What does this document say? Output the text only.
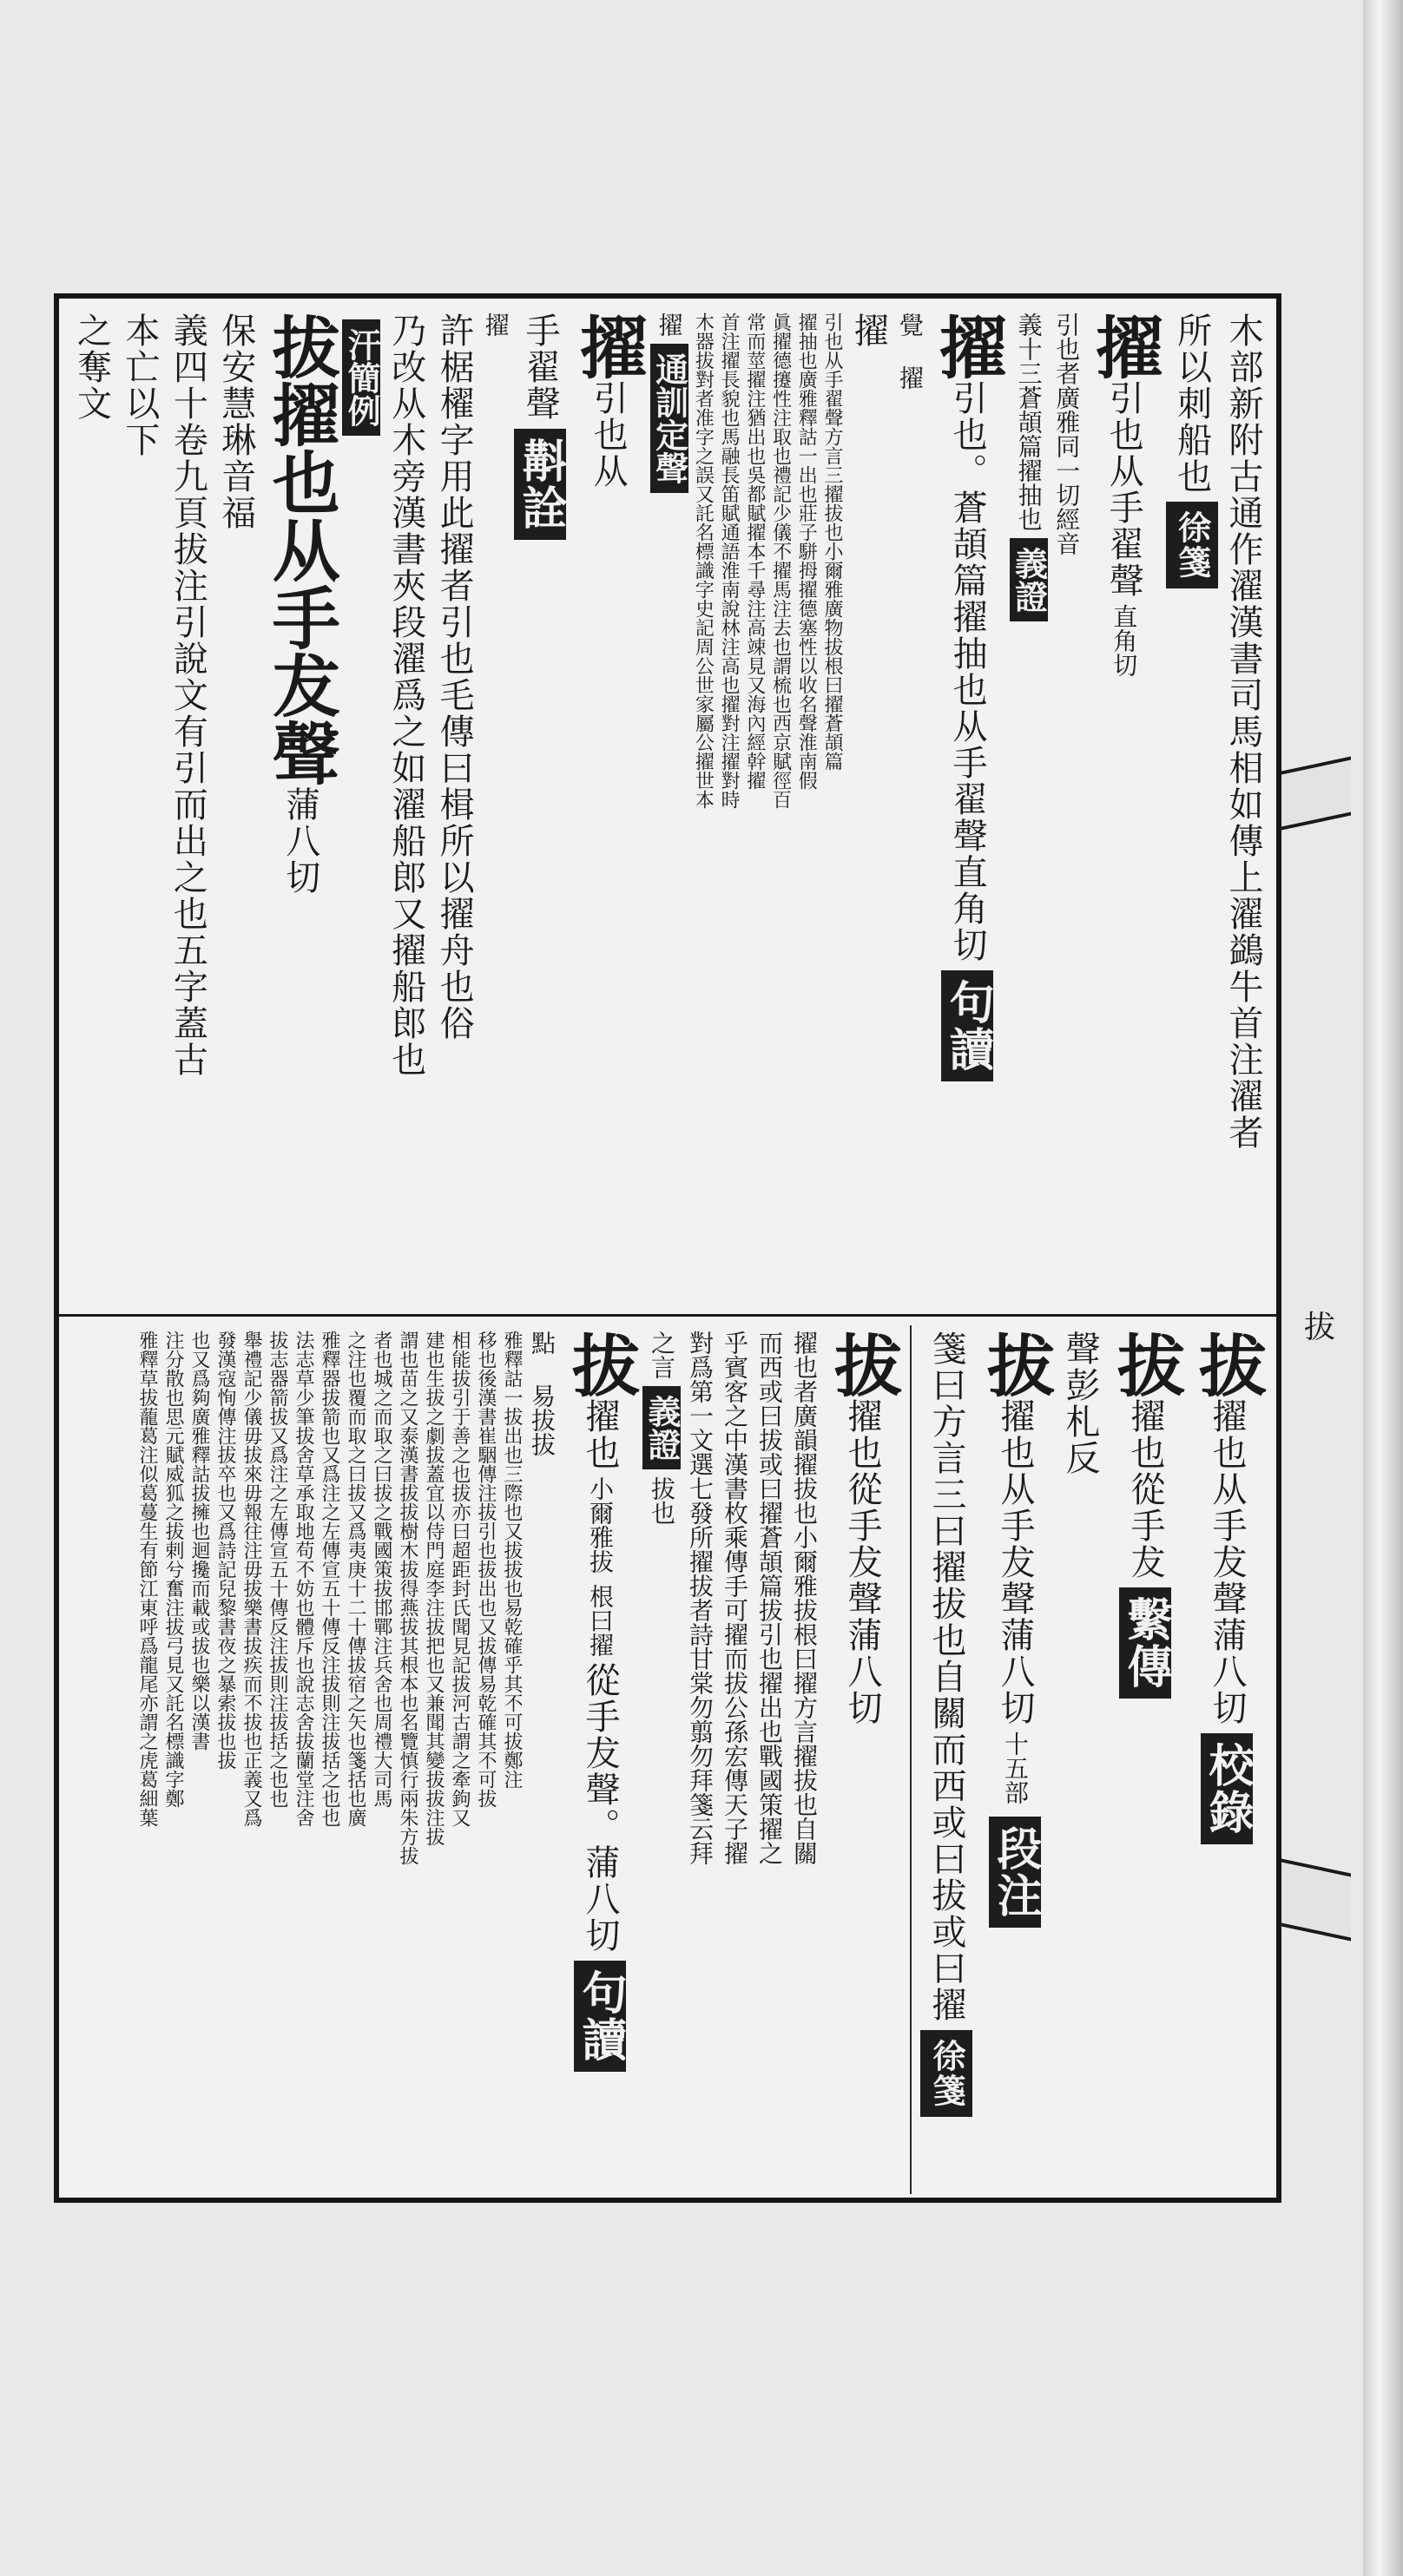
拔
木部新附古通作濯漢書司馬相如傳上濯鷁牛首注濯者
所以刺船也徐箋
擢引也从手翟聲直角切
引也者廣雅同一切經音
義十三蒼頡篇擢抽也義證
擢引也。蒼頡篇擢抽也从手翟聲直角切句讀
覺 擢
擢
引也从手翟聲方言三擢拔也小爾雅廣物拔根曰擢蒼頡篇
擢抽也廣雅釋詁一出也莊子駢拇擢德塞性以收名聲淮南假
眞擢德攓性注取也禮記少儀不擢馬注去也謂梳也西京賦徑百
常而莖擢注猶出也吳都賦擢本千尋注高竦見又海內經幹擢
首注擢長貌也馬融長笛賦通語淮南說林注高也擢對注擢對時
木器拔對者准字之誤又託名標識字史記周公世家屬公擢世本
擢通訓定聲
擢引也从
手翟聲斠詮
擢
許椐櫂字用此擢者引也毛傳曰楫所以擢舟也俗
乃改从木旁漢書夾段濯爲之如濯船郎又擢船郎也
汗簡例
拔擢也从手犮聲蒲八切
保安慧琳音福
義四十卷九頁拔注引說文有引而出之也五字蓋古
本亡以下
之奪文
拔擢也从手犮聲蒲八切校錄
拔擢也從手犮繫傳
聲彭札反
拔擢也从手犮聲蒲八切十五部段注
箋曰方言三曰擢拔也自關而西或曰拔或曰擢徐箋
拔擢也從手犮聲蒲八切
擢也者廣韻擢拔也小爾雅拔根曰擢方言擢拔也自關
而西或曰拔或曰擢蒼頡篇拔引也擢出也戰國策擢之
乎賓客之中漢書枚乘傳手可擢而拔公孫宏傳天子擢
對爲第一文選七發所擢拔者詩甘棠勿翦勿拜箋云拜
之言義證拔也
拔擢也小爾雅拔根曰擢從手犮聲。蒲八切句讀
點 易拔拔
雅釋詁一拔出也三際也又拔拔也易乾確乎其不可拔鄭注
移也後漢書崔駰傳注拔引也拔出也又拔傳易乾確其不可拔
相能拔引于善之也拔亦曰超距封氏聞見記拔河古謂之牽鉤又
建也生拔之劇拔蓋宜以侍門庭李注拔把也又兼聞其變拔拔注拔
謂也苗之又泰漢書拔拔樹木拔得燕拔其根本也名覽慎行兩朱方拔
者也城之而取之曰拔之戰國策拔邯鄲注兵舍也周禮大司馬
之注也覆而取之曰拔又爲夷庚十二十傳拔宿之矢也箋括也廣
雅釋器拔箭也又爲注之左傳宣五十傳反注拔則注拔括之也也
法志草少筆拔舍草承取地苟不妨也體斥也說志舍拔蘭堂注舍
拔志器箭拔又爲注之左傳宣五十傳反注拔則注拔括之也也
舉禮記少儀毋拔來毋報往注毋拔樂書拔疾而不拔也正義又爲
發漢寇恂傳注拔卒也又爲詩記兒黎書夜之暴索拔也拔
也又爲夠廣雅釋詁拔擁也迴攙而載或拔也樂以漢書
注分散也思元賦威狐之拔剌兮奮注拔弓見又託名標識字鄭
雅釋草拔蘢葛注似葛蔓生有節江東呼爲龍尾亦謂之虎葛細葉
